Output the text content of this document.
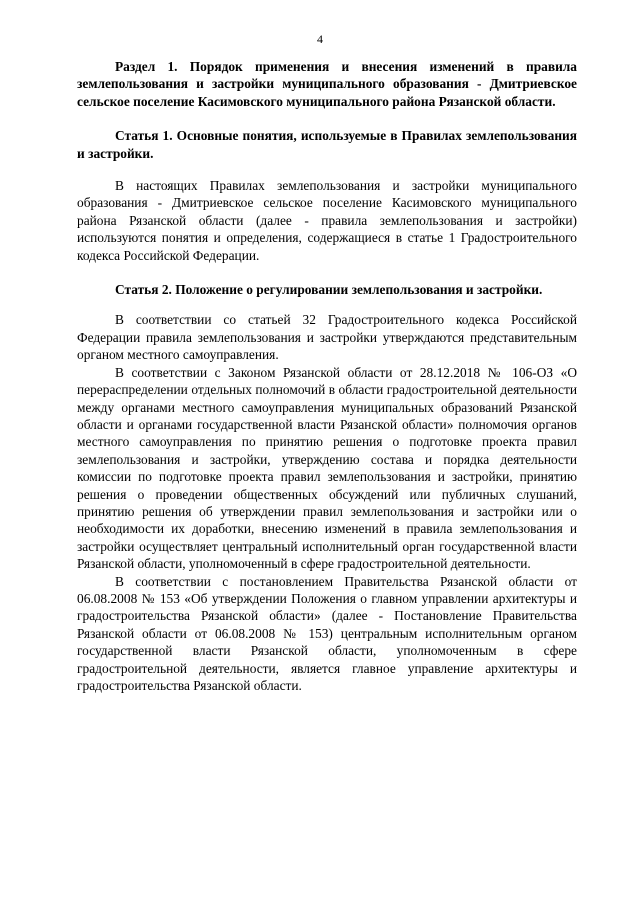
4

Раздел 1. Порядок применения и внесения изменений в правила землепользования и застройки муниципального образования - Дмитриевское сельское поселение Касимовского муниципального района Рязанской области.

Статья 1. Основные понятия, используемые в Правилах землепользования и застройки.

В настоящих Правилах землепользования и застройки муниципального образования - Дмитриевское сельское поселение Касимовского муниципального района Рязанской области (далее - правила землепользования и застройки) используются понятия и определения, содержащиеся в статье 1 Градостроительного кодекса Российской Федерации.

Статья 2. Положение о регулировании землепользования и застройки.

В соответствии со статьей 32 Градостроительного кодекса Российской Федерации правила землепользования и застройки утверждаются представительным органом местного самоуправления.

В соответствии с Законом Рязанской области от 28.12.2018 № 106-ОЗ «О перераспределении отдельных полномочий в области градостроительной деятельности между органами местного самоуправления муниципальных образований Рязанской области и органами государственной власти Рязанской области» полномочия органов местного самоуправления по принятию решения о подготовке проекта правил землепользования и застройки, утверждению состава и порядка деятельности комиссии по подготовке проекта правил землепользования и застройки, принятию решения о проведении общественных обсуждений или публичных слушаний, принятию решения об утверждении правил землепользования и застройки или о необходимости их доработки, внесению изменений в правила землепользования и застройки осуществляет центральный исполнительный орган государственной власти Рязанской области, уполномоченный в сфере градостроительной деятельности.

В соответствии с постановлением Правительства Рязанской области от 06.08.2008 № 153 «Об утверждении Положения о главном управлении архитектуры и градостроительства Рязанской области» (далее - Постановление Правительства Рязанской области от 06.08.2008 № 153) центральным исполнительным органом государственной власти Рязанской области, уполномоченным в сфере градостроительной деятельности, является главное управление архитектуры и градостроительства Рязанской области.
